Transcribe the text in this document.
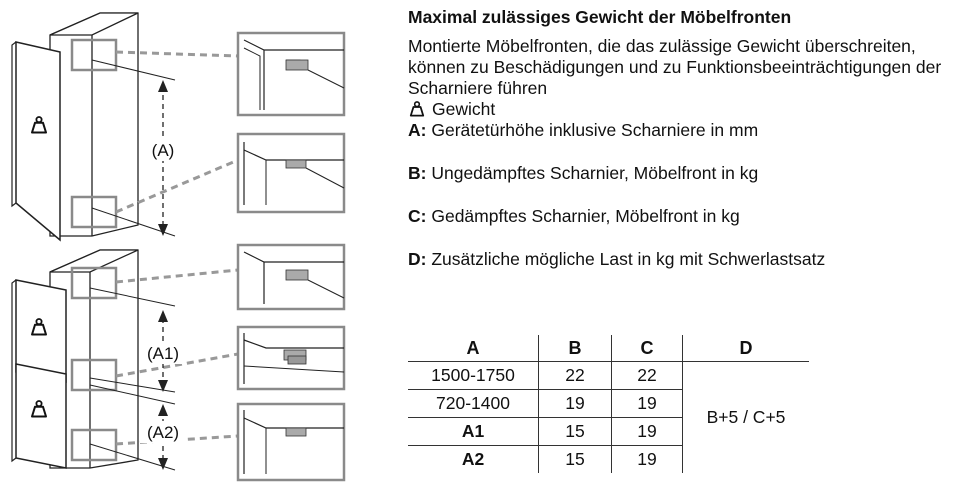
(A)
(A1)
(A2)

Maximal zulässiges Gewicht der Möbelfronten

Montierte Möbelfronten, die das zulässige Gewicht überschreiten, können zu Beschädigungen und zu Funktionsbeeinträchtigungen der Scharniere führen

Gewicht

A: Gerätetürhöhe inklusive Scharniere in mm

B: Ungedämpftes Scharnier, Möbelfront in kg

C: Gedämpftes Scharnier, Möbelfront in kg

D: Zusätzliche mögliche Last in kg mit Schwerlastsatz

A	B	C	D
1500-1750	22	22	B+5 / C+5
720-1400	19	19	
A1	15	19	
A2	15	19	
